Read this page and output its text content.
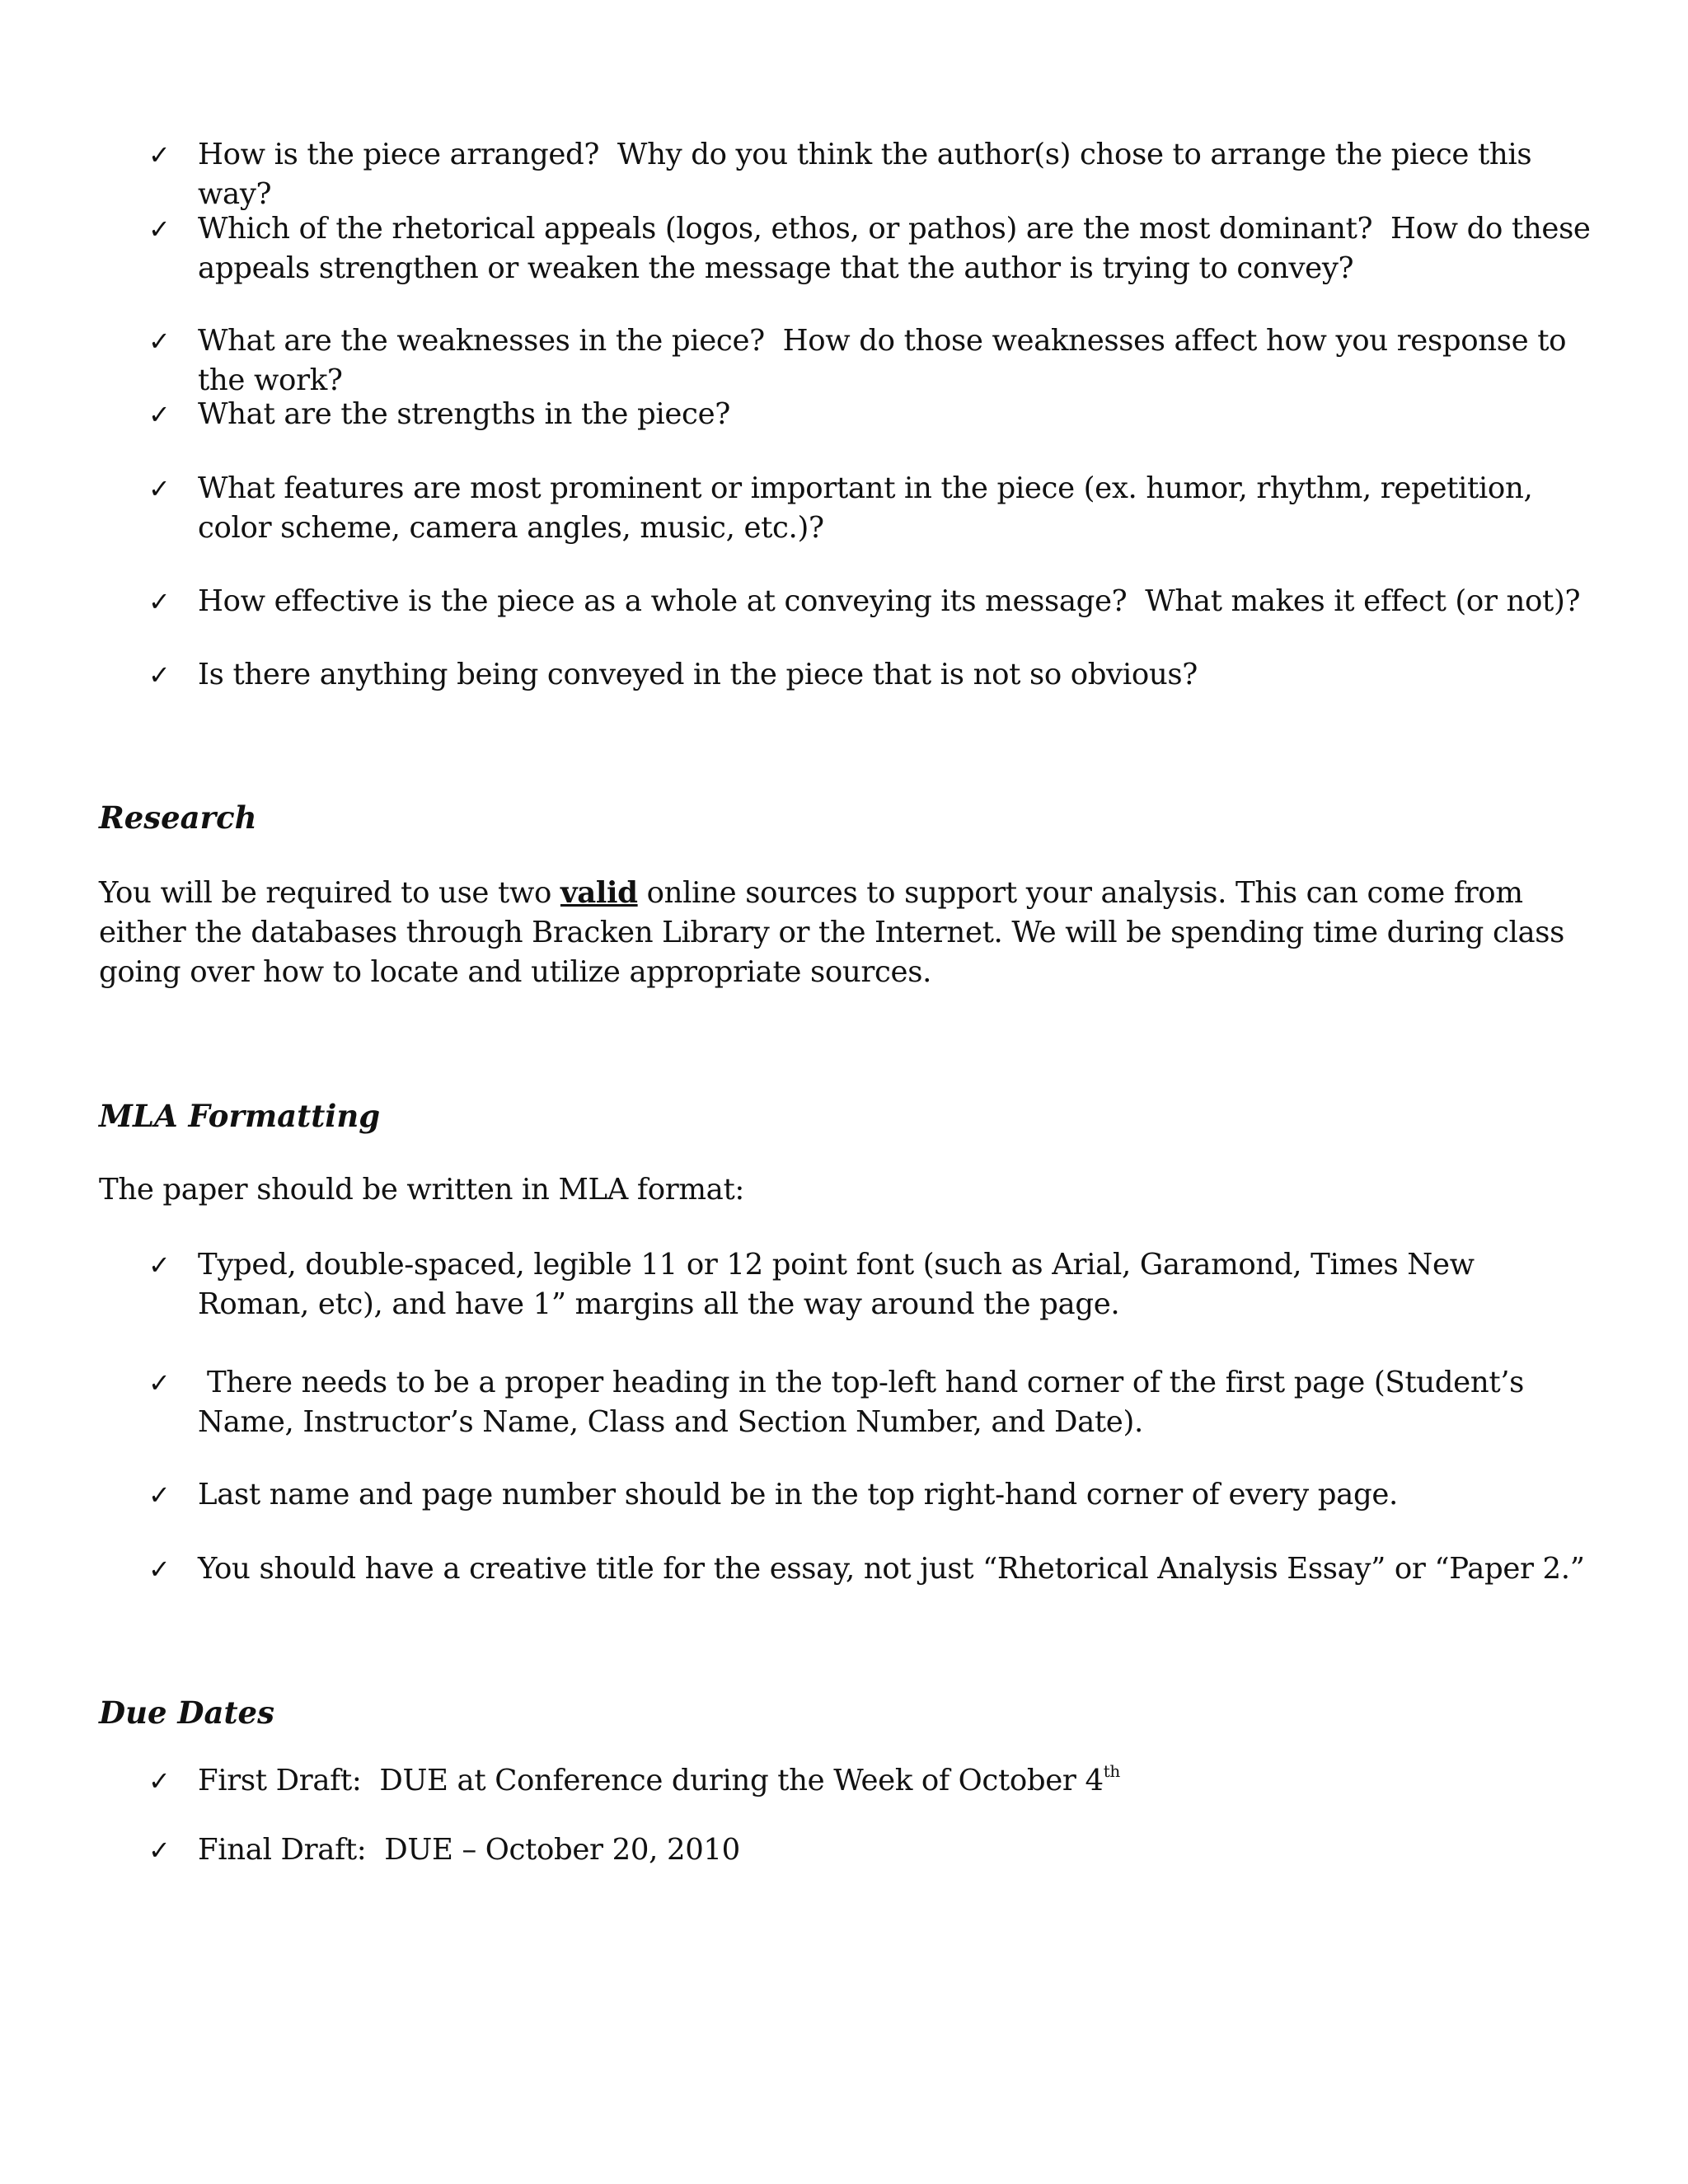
✓ How is the piece arranged?  Why do you think the author(s) chose to arrange the piece this way?
✓ Which of the rhetorical appeals (logos, ethos, or pathos) are the most dominant?  How do these appeals strengthen or weaken the message that the author is trying to convey?
✓ What are the weaknesses in the piece?  How do those weaknesses affect how you response to the work?
✓ What are the strengths in the piece?
✓ What features are most prominent or important in the piece (ex. humor, rhythm, repetition, color scheme, camera angles, music, etc.)?
✓ How effective is the piece as a whole at conveying its message?  What makes it effect (or not)?
✓ Is there anything being conveyed in the piece that is not so obvious?
Research

You will be required to use two valid online sources to support your analysis. This can come from either the databases through Bracken Library or the Internet. We will be spending time during class going over how to locate and utilize appropriate sources.

MLA Formatting

The paper should be written in MLA format:

✓ Typed, double-spaced, legible 11 or 12 point font (such as Arial, Garamond, Times New Roman, etc), and have 1” margins all the way around the page.
✓ There needs to be a proper heading in the top-left hand corner of the first page (Student’s Name, Instructor’s Name, Class and Section Number, and Date).
✓ Last name and page number should be in the top right-hand corner of every page.
✓ You should have a creative title for the essay, not just “Rhetorical Analysis Essay” or “Paper 2.”
Due Dates
✓ First Draft:  DUE at Conference during the Week of October 4th
✓ Final Draft:  DUE – October 20, 2010
